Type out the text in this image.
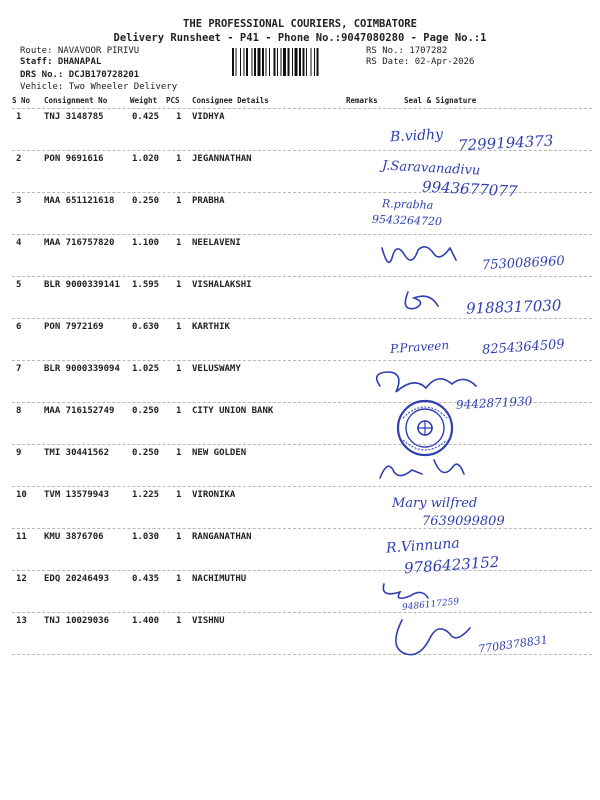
THE PROFESSIONAL COURIERS, COIMBATORE
Delivery Runsheet - P41 - Phone No.:9047080280 - Page No.:1
Route: NAVAVOOR PIRIVU
Staff: DHANAPAL
DRS No.: DCJB170728201
Vehicle: Two Wheeler Delivery
RS No.: 1707282
RS Date: 02-Apr-2026
S No Consignment No	Weight PCS Consignee Details	Remarks	Seal & Signature
1	TNJ 3148785	0.425 1 VIDHYA
B.vidhy 7299194373
2	PON 9691616	1.020 1 JEGANNATHAN	J.Saravanadivu
9943677077
3	MAA 651121618 0.250 1 PRABHA	R.prabha
9543264720
4	MAA 716757820 1.100 1 NEELAVENI
7530086960
5	BLR 9000339141 1.595 1 VISHALAKSHI
9188317030
6	PON 7972169	0.630 1 KARTHIK
P.Praveen 8254364509
7	BLR 9000339094 1.025 1 VELUSWAMY
9442871930
8	MAA 716152749 0.250 1 CITY UNION BANK
9	TMI 30441562	0.250 1 NEW GOLDEN
10 TVM 13579943	1.225 1 VIRONIKA
Mary wilfred
7639099809
11 KMU 3876706	1.030 1 RANGANATHAN	R.Vinnuna
9786423152
12 EDQ 20246493	0.435 1 NACHIMUTHU
9486117259
13 TNJ 10029036	1.400 1 VISHNU
7708378831
